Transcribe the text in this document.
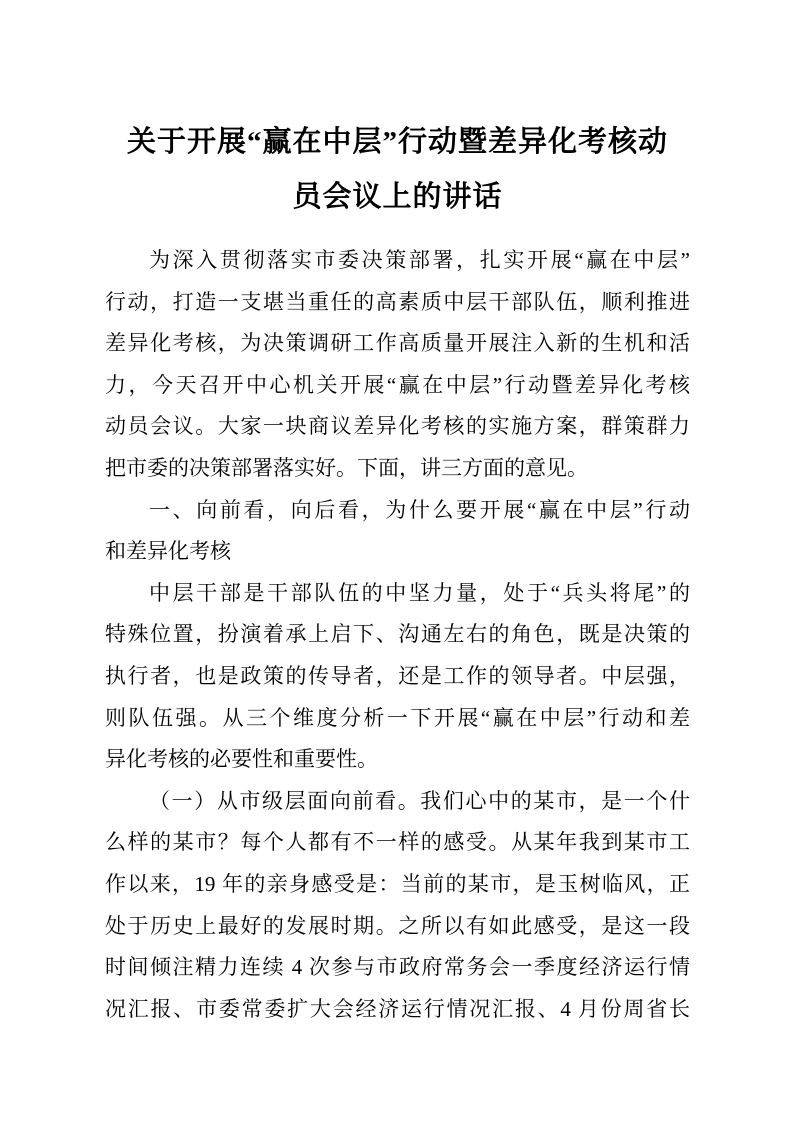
关于开展“赢在中层”行动暨差异化考核动
员会议上的讲话
为深入贯彻落实市委决策部署，扎实开展“赢在中层”
行动，打造一支堪当重任的高素质中层干部队伍，顺利推进
差异化考核，为决策调研工作高质量开展注入新的生机和活
力，今天召开中心机关开展“赢在中层”行动暨差异化考核
动员会议。大家一块商议差异化考核的实施方案，群策群力
把市委的决策部署落实好。下面，讲三方面的意见。
一、向前看，向后看，为什么要开展“赢在中层”行动
和差异化考核
中层干部是干部队伍的中坚力量，处于“兵头将尾”的
特殊位置，扮演着承上启下、沟通左右的角色，既是决策的
执行者，也是政策的传导者，还是工作的领导者。中层强，
则队伍强。从三个维度分析一下开展“赢在中层”行动和差
异化考核的必要性和重要性。
（一）从市级层面向前看。我们心中的某市，是一个什
么样的某市？每个人都有不一样的感受。从某年我到某市工
作以来，19 年的亲身感受是：当前的某市，是玉树临风，正
处于历史上最好的发展时期。之所以有如此感受，是这一段
时间倾注精力连续 4 次参与市政府常务会一季度经济运行情
况汇报、市委常委扩大会经济运行情况汇报、4 月份周省长
